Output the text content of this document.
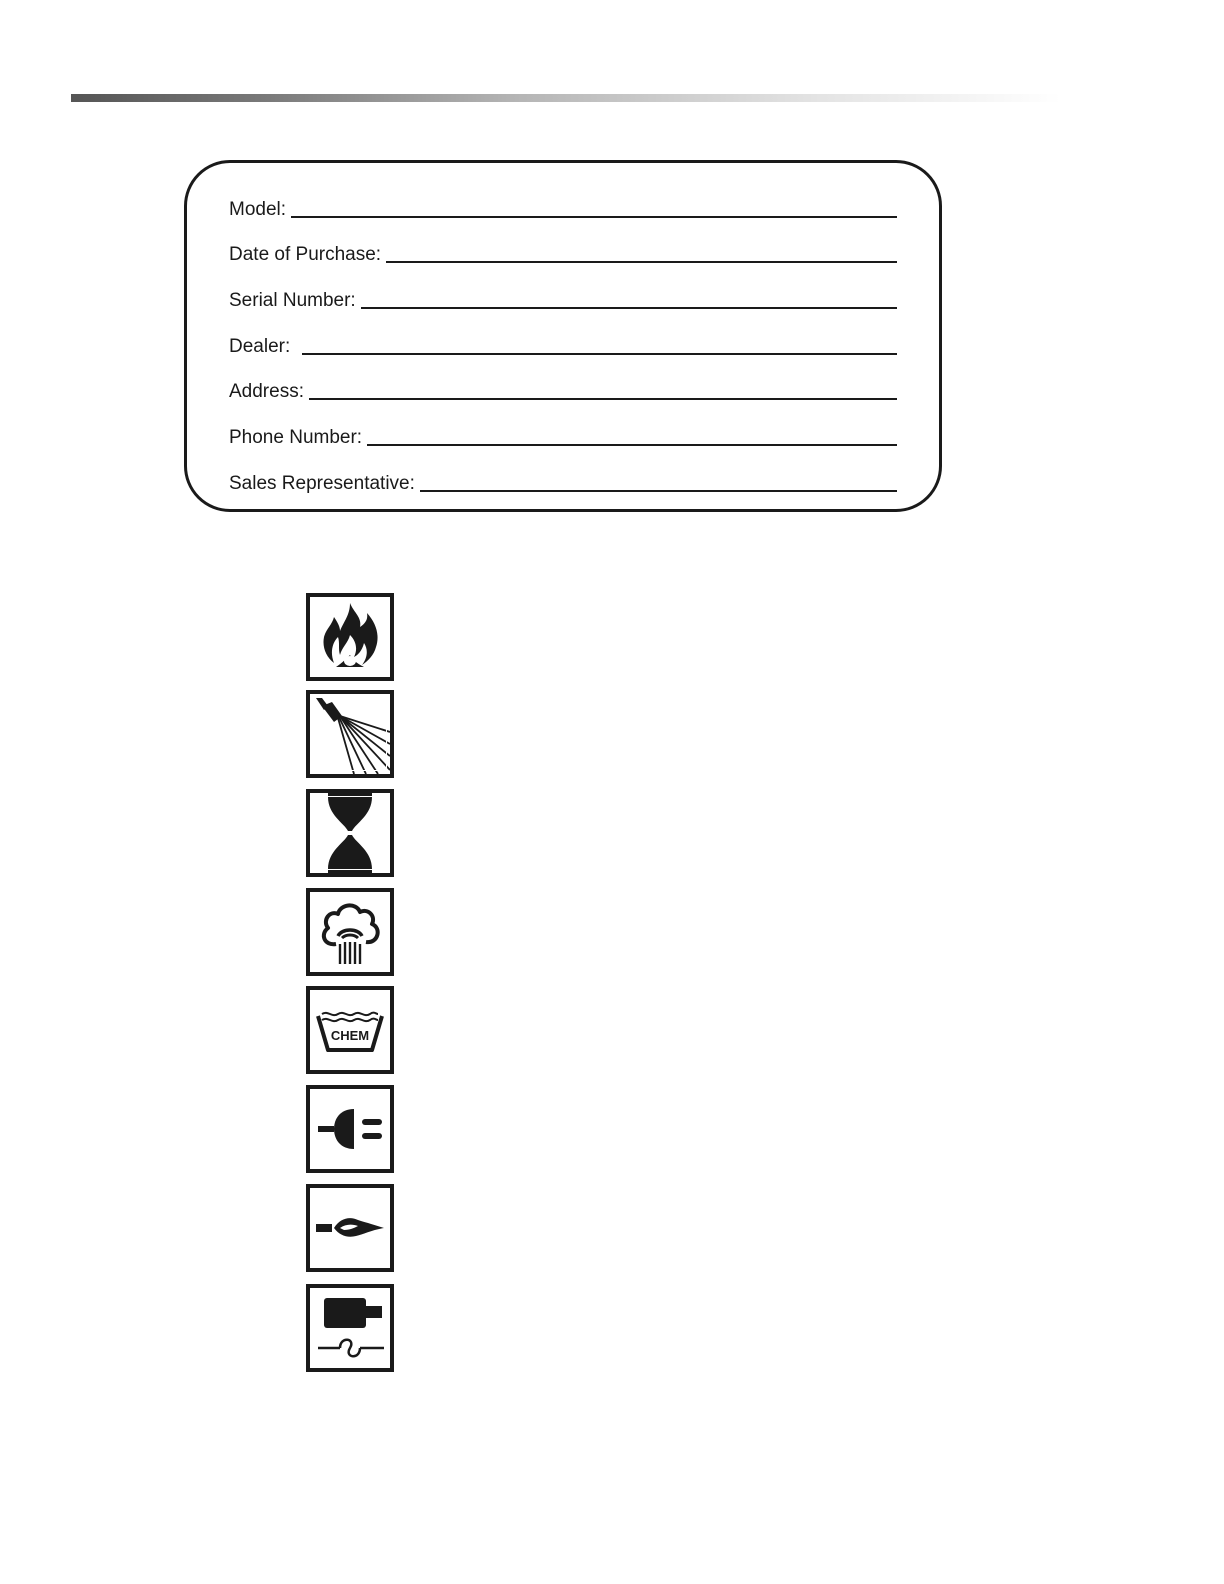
Model:
Date of Purchase:
Serial Number:
Dealer:
Address:
Phone Number:
Sales Representative:
CHEM
